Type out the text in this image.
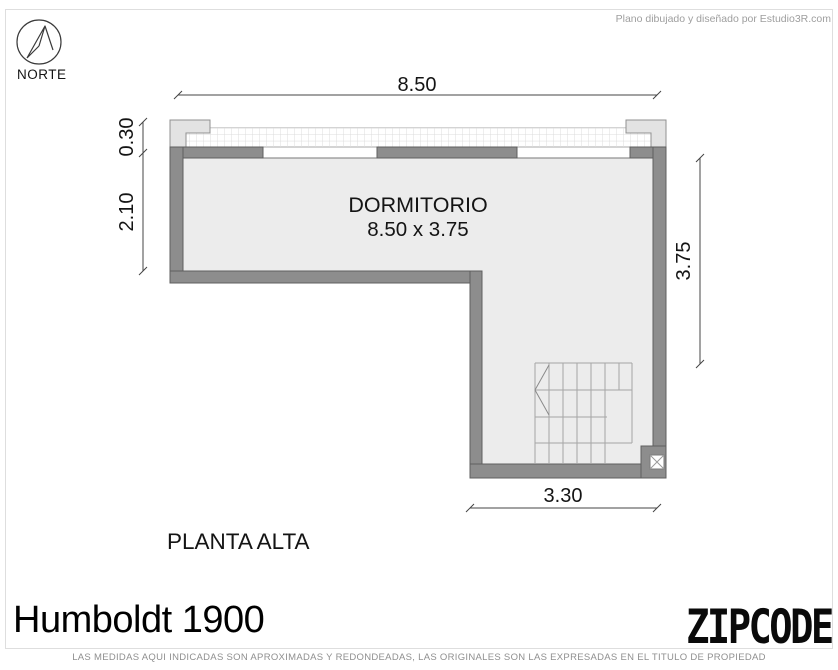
Plano dibujado y diseñado por Estudio3R.com
NORTE	8.50
0.30
2.10
3.75
3.30
DORMITORIO
8.50 x 3.75
PLANTA ALTA
Humboldt 1900	ZIPCODE
LAS MEDIDAS AQUI INDICADAS SON APROXIMADAS Y REDONDEADAS, LAS ORIGINALES SON LAS EXPRESADAS EN EL TITULO DE PROPIEDAD
